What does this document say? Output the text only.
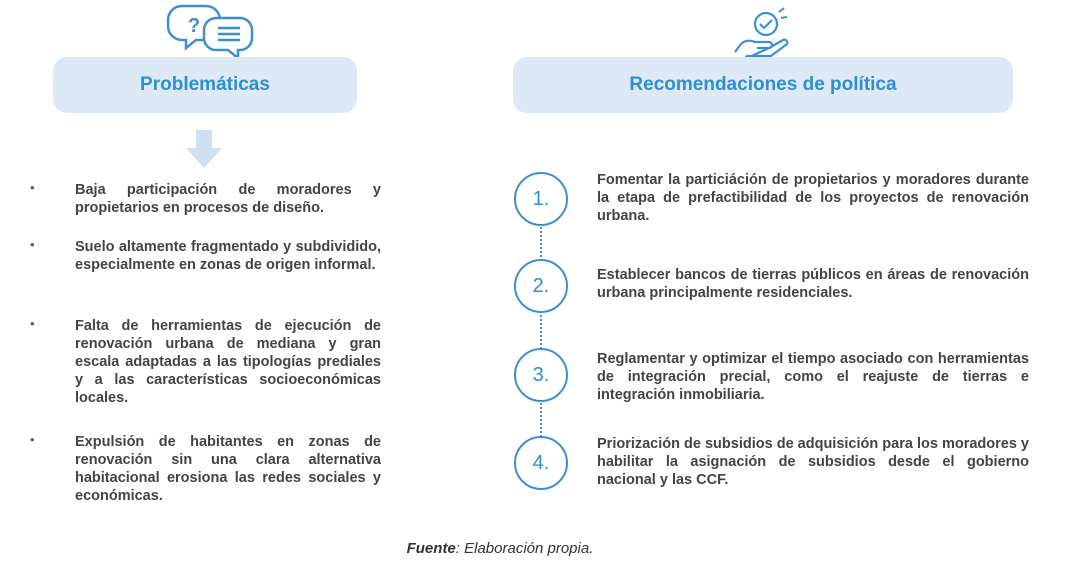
?
Problemáticas	Recomendaciones de política
•	Baja participación de moradores y propietarios en procesos de diseño.
•	Suelo altamente fragmentado y subdividido, especialmente en zonas de origen informal.
•	Falta de herramientas de ejecución de renovación urbana de mediana y gran escala adaptadas a las tipologías prediales y a las características socioeconómicas locales.
•	Expulsión de habitantes en zonas de renovación sin una clara alternativa habitacional erosiona las redes sociales y económicas.
1.
2.
3.
4.
Fomentar la particiáción de propietarios y moradores durante la etapa de prefactibilidad de los proyectos de renovación urbana.
Establecer bancos de tierras públicos en áreas de renovación urbana principalmente residenciales.
Reglamentar y optimizar el tiempo asociado con herramientas de integración precial, como el reajuste de tierras e integración inmobiliaria.
Priorización de subsidios de adquisición para los moradores y habilitar la asignación de subsidios desde el gobierno nacional y las CCF.
Fuente: Elaboración propia.
